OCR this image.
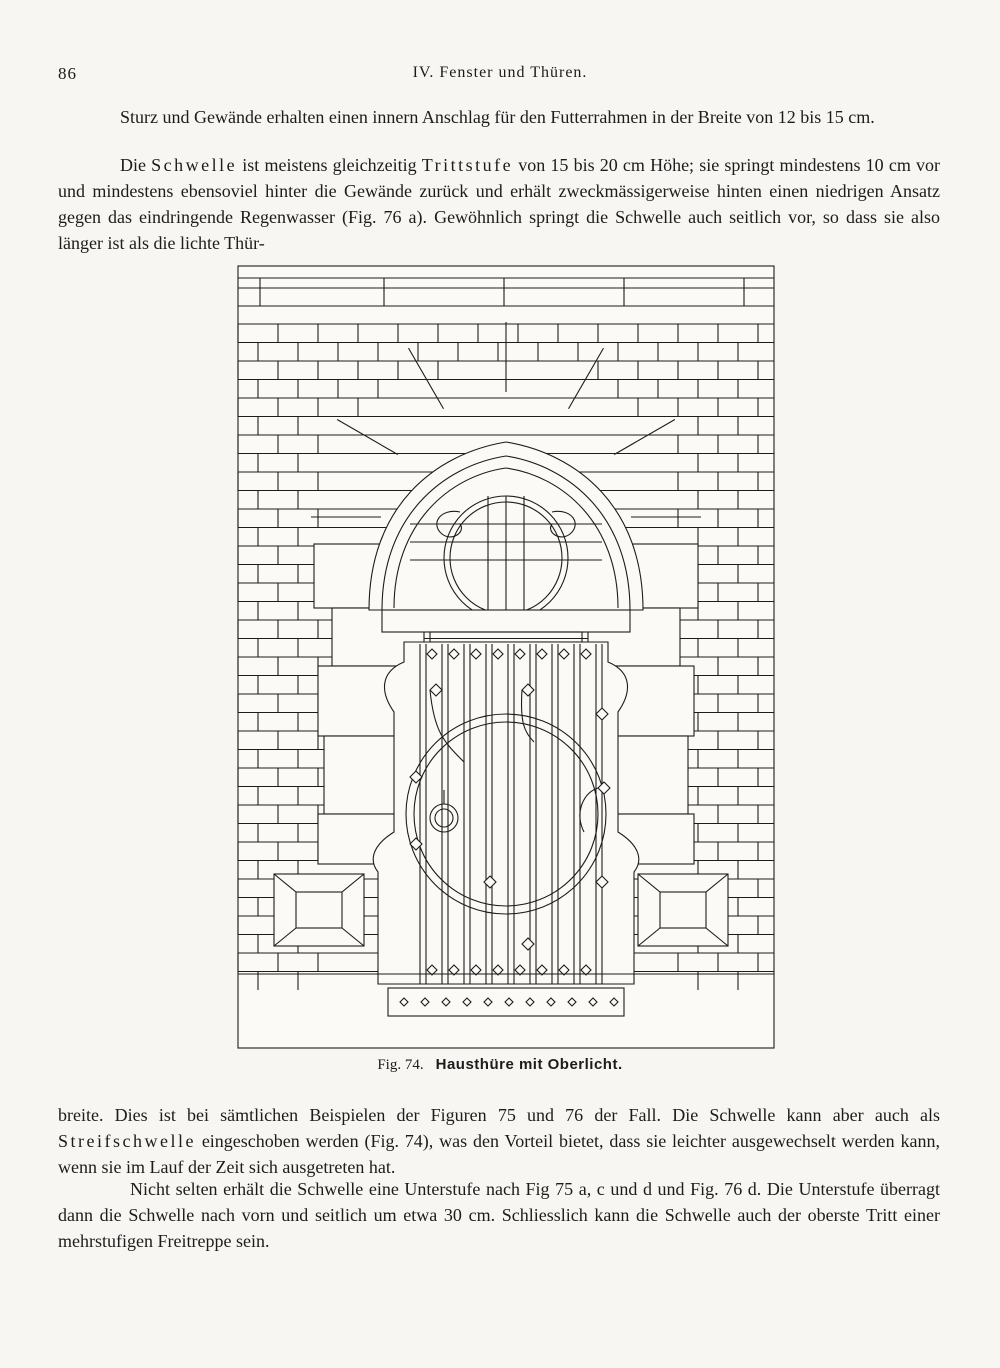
86	IV. Fenster und Thüren.

Sturz und Gewände erhalten einen innern Anschlag für den Futterrahmen in der Breite von 12 bis 15 cm.

Die Schwelle ist meistens gleichzeitig Trittstufe von 15 bis 20 cm Höhe; sie springt mindestens 10 cm vor und mindestens ebensoviel hinter die Gewände zurück und erhält zweckmässigerweise hinten einen niedrigen Ansatz gegen das eindringende Regenwasser (Fig. 76 a). Gewöhnlich springt die Schwelle auch seitlich vor, so dass sie also länger ist als die lichte Thür-

Fig. 74. Hausthüre mit Oberlicht.

breite. Dies ist bei sämtlichen Beispielen der Figuren 75 und 76 der Fall. Die Schwelle kann aber auch als Streifschwelle eingeschoben werden (Fig. 74), was den Vorteil bietet, dass sie leichter ausgewechselt werden kann, wenn sie im Lauf der Zeit sich ausgetreten hat.

Nicht selten erhält die Schwelle eine Unterstufe nach Fig 75 a, c und d und Fig. 76 d. Die Unterstufe überragt dann die Schwelle nach vorn und seitlich um etwa 30 cm. Schliesslich kann die Schwelle auch der oberste Tritt einer mehrstufigen Freitreppe sein.
